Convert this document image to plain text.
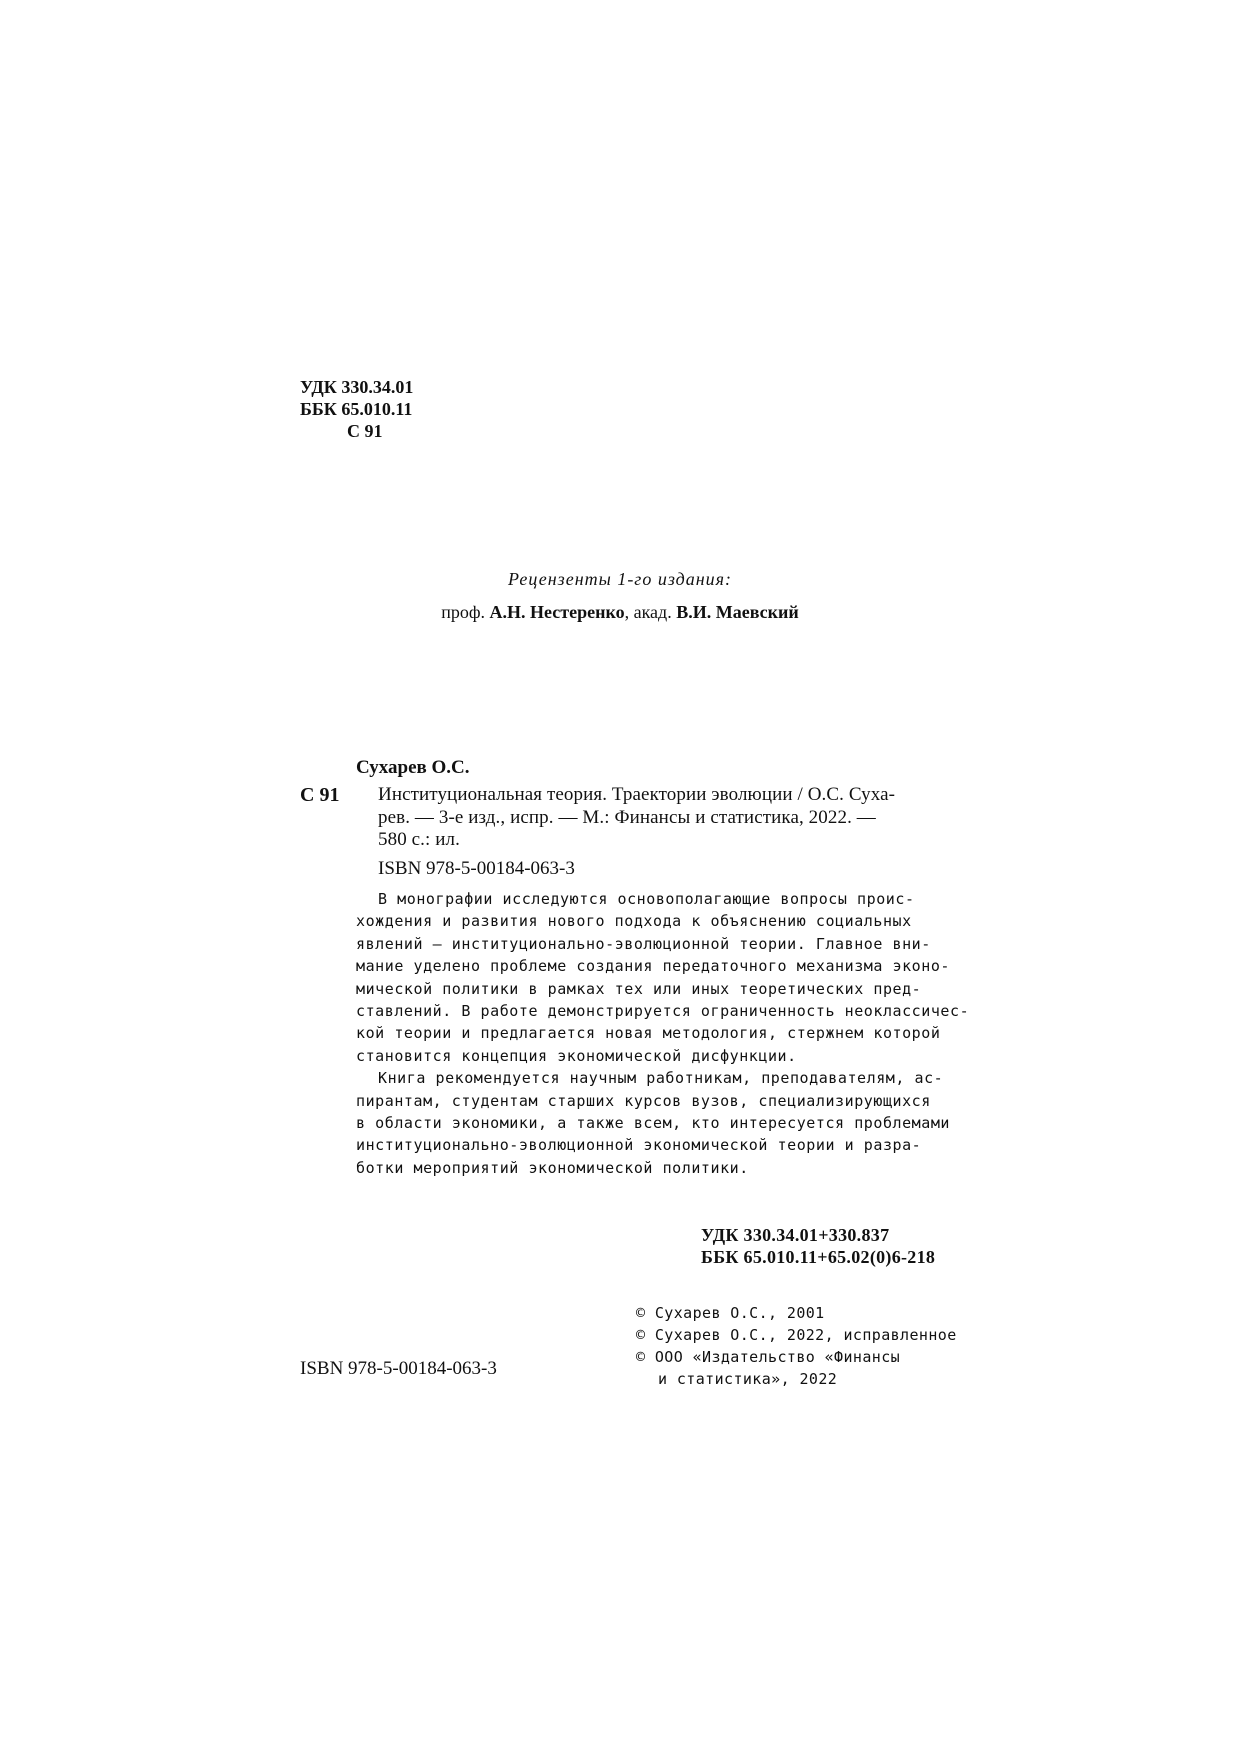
УДК 330.34.01
ББК 65.010.11
С 91
Рецензенты 1-го издания:
проф. А.Н. Нестеренко, акад. В.И. Маевский
Сухарев О.С.
С 91 Институциональная теория. Траектории эволюции / О.С. Суха-
рев. — 3-е изд., испр. — М.: Финансы и статистика, 2022. —
580 с.: ил.
ISBN 978-5-00184-063-3
В монографии исследуются основополагающие вопросы проис-
хождения и развития нового подхода к объяснению социальных
явлений — институционально-эволюционной теории. Главное вни-
мание уделено проблеме создания передаточного механизма эконо-
мической политики в рамках тех или иных теоретических пред-
ставлений. В работе демонстрируется ограниченность неоклассичес-
кой теории и предлагается новая методология, стержнем которой
становится концепция экономической дисфункции.
Книга рекомендуется научным работникам, преподавателям, ас-
пирантам, студентам старших курсов вузов, специализирующихся
в области экономики, а также всем, кто интересуется проблемами
институционально-эволюционной экономической теории и разра-
ботки мероприятий экономической политики.
УДК 330.34.01+330.837
ББК 65.010.11+65.02(0)6-218
© Сухарев О.С., 2001
© Сухарев О.С., 2022, исправленное
© ООО «Издательство «Финансы
и статистика», 2022
ISBN 978-5-00184-063-3
